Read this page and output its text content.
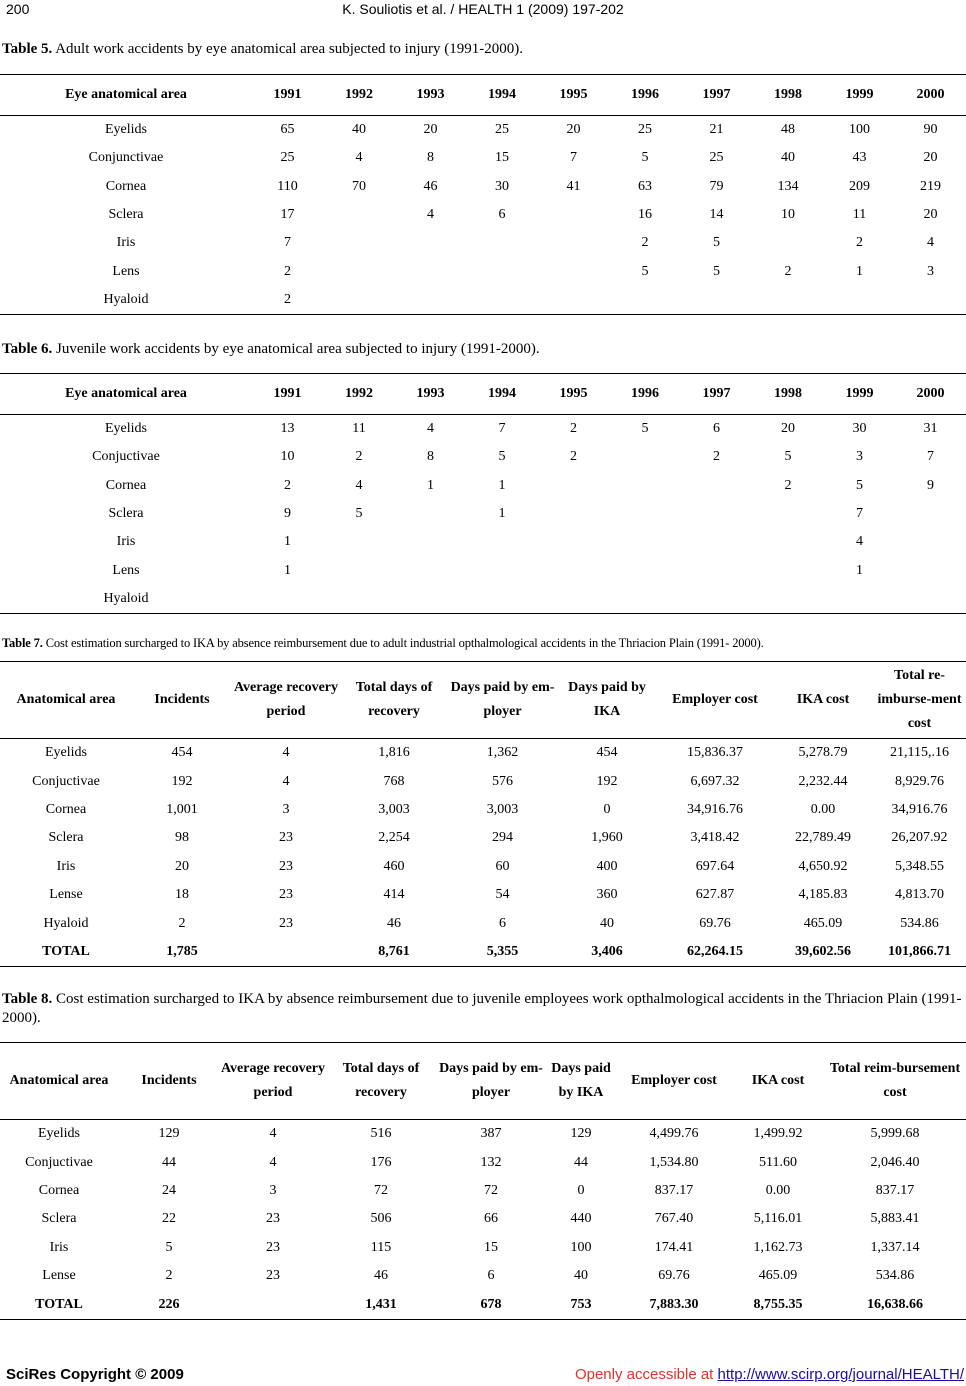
200	K. Souliotis et al. / HEALTH 1 (2009) 197-202
Table 5. Adult work accidents by eye anatomical area subjected to injury (1991-2000).
Eye anatomical area	1991	1992	1993	1994	1995	1996	1997	1998	1999	2000
Eyelids	65	40	20	25	20	25	21	48	100	90
Conjunctivae	25	4	8	15	7	5	25	40	43	20
Cornea	110	70	46	30	41	63	79	134	209	219
Sclera	17		4	6		16	14	10	11	20
Iris	7					2	5		2	4
Lens	2					5	5	2	1	3
Hyaloid	2									
Table 6. Juvenile work accidents by eye anatomical area subjected to injury (1991-2000).
Eye anatomical area	1991	1992	1993	1994	1995	1996	1997	1998	1999	2000
Eyelids	13	11	4	7	2	5	6	20	30	31
Conjuctivae	10	2	8	5	2		2	5	3	7
Cornea	2	4	1	1				2	5	9
Sclera	9	5		1					7	
Iris	1								4	
Lens	1								1	
Hyaloid										
Table 7. Cost estimation surcharged to IKA by absence reimbursement due to adult industrial opthalmological accidents in the Thriacion Plain (1991- 2000).
Anatomical area	Incidents	Average recovery period	Total days of recovery	Days paid by em-ployer	Days paid by IKA	Employer cost	IKA cost	Total re-imburse-ment cost
Eyelids	454	4	1,816	1,362	454	15,836.37	5,278.79	21,115,.16
Conjuctivae	192	4	768	576	192	6,697.32	2,232.44	8,929.76
Cornea	1,001	3	3,003	3,003	0	34,916.76	0.00	34,916.76
Sclera	98	23	2,254	294	1,960	3,418.42	22,789.49	26,207.92
Iris	20	23	460	60	400	697.64	4,650.92	5,348.55
Lense	18	23	414	54	360	627.87	4,185.83	4,813.70
Hyaloid	2	23	46	6	40	69.76	465.09	534.86
TOTAL	1,785		8,761	5,355	3,406	62,264.15	39,602.56	101,866.71
Table 8. Cost estimation surcharged to IKA by absence reimbursement due to juvenile employees work opthalmological accidents in the Thriacion Plain (1991-2000).
Anatomical area	Incidents	Average recovery period	Total days of recovery	Days paid by em-ployer	Days paid by IKA	Employer cost	IKA cost	Total reim-bursement cost
Eyelids	129	4	516	387	129	4,499.76	1,499.92	5,999.68
Conjuctivae	44	4	176	132	44	1,534.80	511.60	2,046.40
Cornea	24	3	72	72	0	837.17	0.00	837.17
Sclera	22	23	506	66	440	767.40	5,116.01	5,883.41
Iris	5	23	115	15	100	174.41	1,162.73	1,337.14
Lense	2	23	46	6	40	69.76	465.09	534.86
TOTAL	226		1,431	678	753	7,883.30	8,755.35	16,638.66
SciRes Copyright © 2009	Openly accessible at http://www.scirp.org/journal/HEALTH/
